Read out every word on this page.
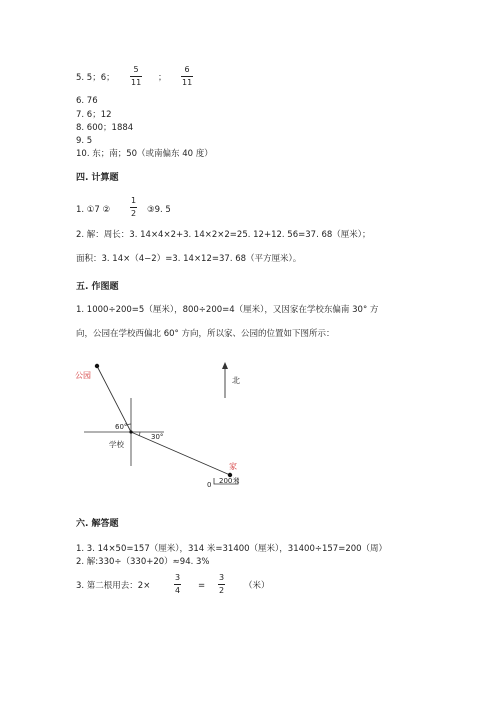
5. 5；6；
5
11 ；
6
11
6. 76
7. 6；12
8. 600；1884
9. 5
10. 东；南；50（或南偏东 40 度）
四. 计算题
1. ①7 ②
1
2 ③9. 5
2. 解：周长：3. 14×4×2+3. 14×2×2=25. 12+12. 56=37. 68（厘米）；
面积：3. 14×（4−2）=3. 14×12=37. 68（平方厘米）。
五. 作图题
1. 1000÷200=5（厘米），800÷200=4（厘米），又因家在学校东偏南 30° 方
向，公园在学校西偏北 60° 方向，所以家、公园的位置如下图所示：
公园
北
60°
30°
学校
家
0 200米
六. 解答题
1. 3. 14×50=157（厘米），314 米=31400（厘米），31400÷157=200（周）
2. 解:330÷（330+20）≈94. 3%
3. 第二根用去：2×
3
4 =
3
2 （米）
